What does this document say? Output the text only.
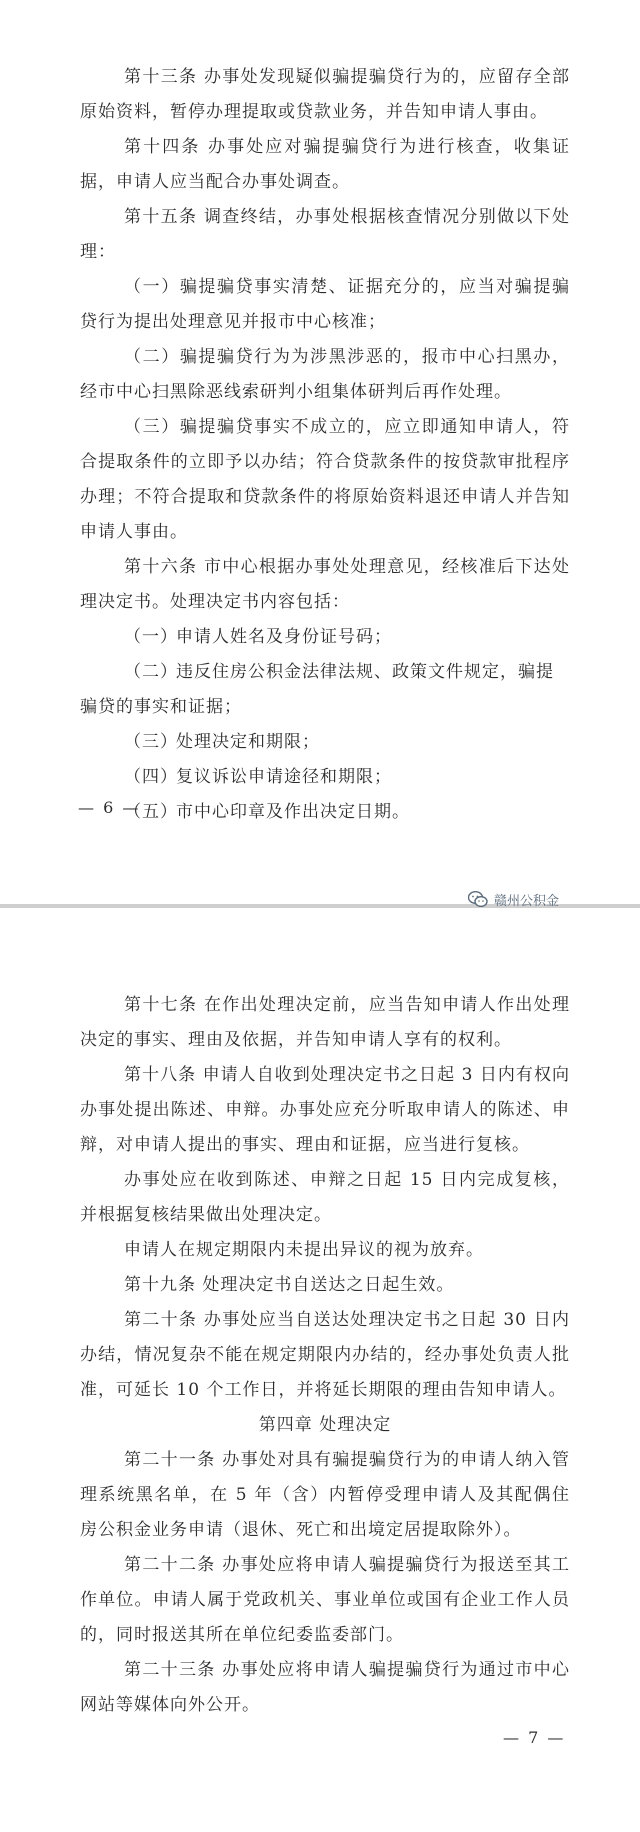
第十三条 办事处发现疑似骗提骗贷行为的，应留存全部原始资料，暂停办理提取或贷款业务，并告知申请人事由。

第十四条 办事处应对骗提骗贷行为进行核查，收集证据，申请人应当配合办事处调查。

第十五条 调查终结，办事处根据核查情况分别做以下处理：

（一）骗提骗贷事实清楚、证据充分的，应当对骗提骗贷行为提出处理意见并报市中心核准；

（二）骗提骗贷行为为涉黑涉恶的，报市中心扫黑办，经市中心扫黑除恶线索研判小组集体研判后再作处理。

（三）骗提骗贷事实不成立的，应立即通知申请人，符合提取条件的立即予以办结；符合贷款条件的按贷款审批程序办理；不符合提取和贷款条件的将原始资料退还申请人并告知申请人事由。

第十六条 市中心根据办事处处理意见，经核准后下达处理决定书。处理决定书内容包括：

（一）申请人姓名及身份证号码；

（二）违反住房公积金法律法规、政策文件规定，骗提骗贷的事实和证据；

（三）处理决定和期限；

（四）复议诉讼申请途径和期限；

（五）市中心印章及作出决定日期。

— 6 —

第十七条 在作出处理决定前，应当告知申请人作出处理决定的事实、理由及依据，并告知申请人享有的权利。

第十八条 申请人自收到处理决定书之日起 3 日内有权向办事处提出陈述、申辩。办事处应充分听取申请人的陈述、申辩，对申请人提出的事实、理由和证据，应当进行复核。

办事处应在收到陈述、申辩之日起 15 日内完成复核，并根据复核结果做出处理决定。

申请人在规定期限内未提出异议的视为放弃。

第十九条 处理决定书自送达之日起生效。

第二十条 办事处应当自送达处理决定书之日起 30 日内办结，情况复杂不能在规定期限内办结的，经办事处负责人批准，可延长 10 个工作日，并将延长期限的理由告知申请人。

第四章 处理决定

第二十一条 办事处对具有骗提骗贷行为的申请人纳入管理系统黑名单，在 5 年（含）内暂停受理申请人及其配偶住房公积金业务申请（退休、死亡和出境定居提取除外）。

第二十二条 办事处应将申请人骗提骗贷行为报送至其工作单位。申请人属于党政机关、事业单位或国有企业工作人员的，同时报送其所在单位纪委监委部门。

第二十三条 办事处应将申请人骗提骗贷行为通过市中心网站等媒体向外公开。

— 7 —
赣州公积金
